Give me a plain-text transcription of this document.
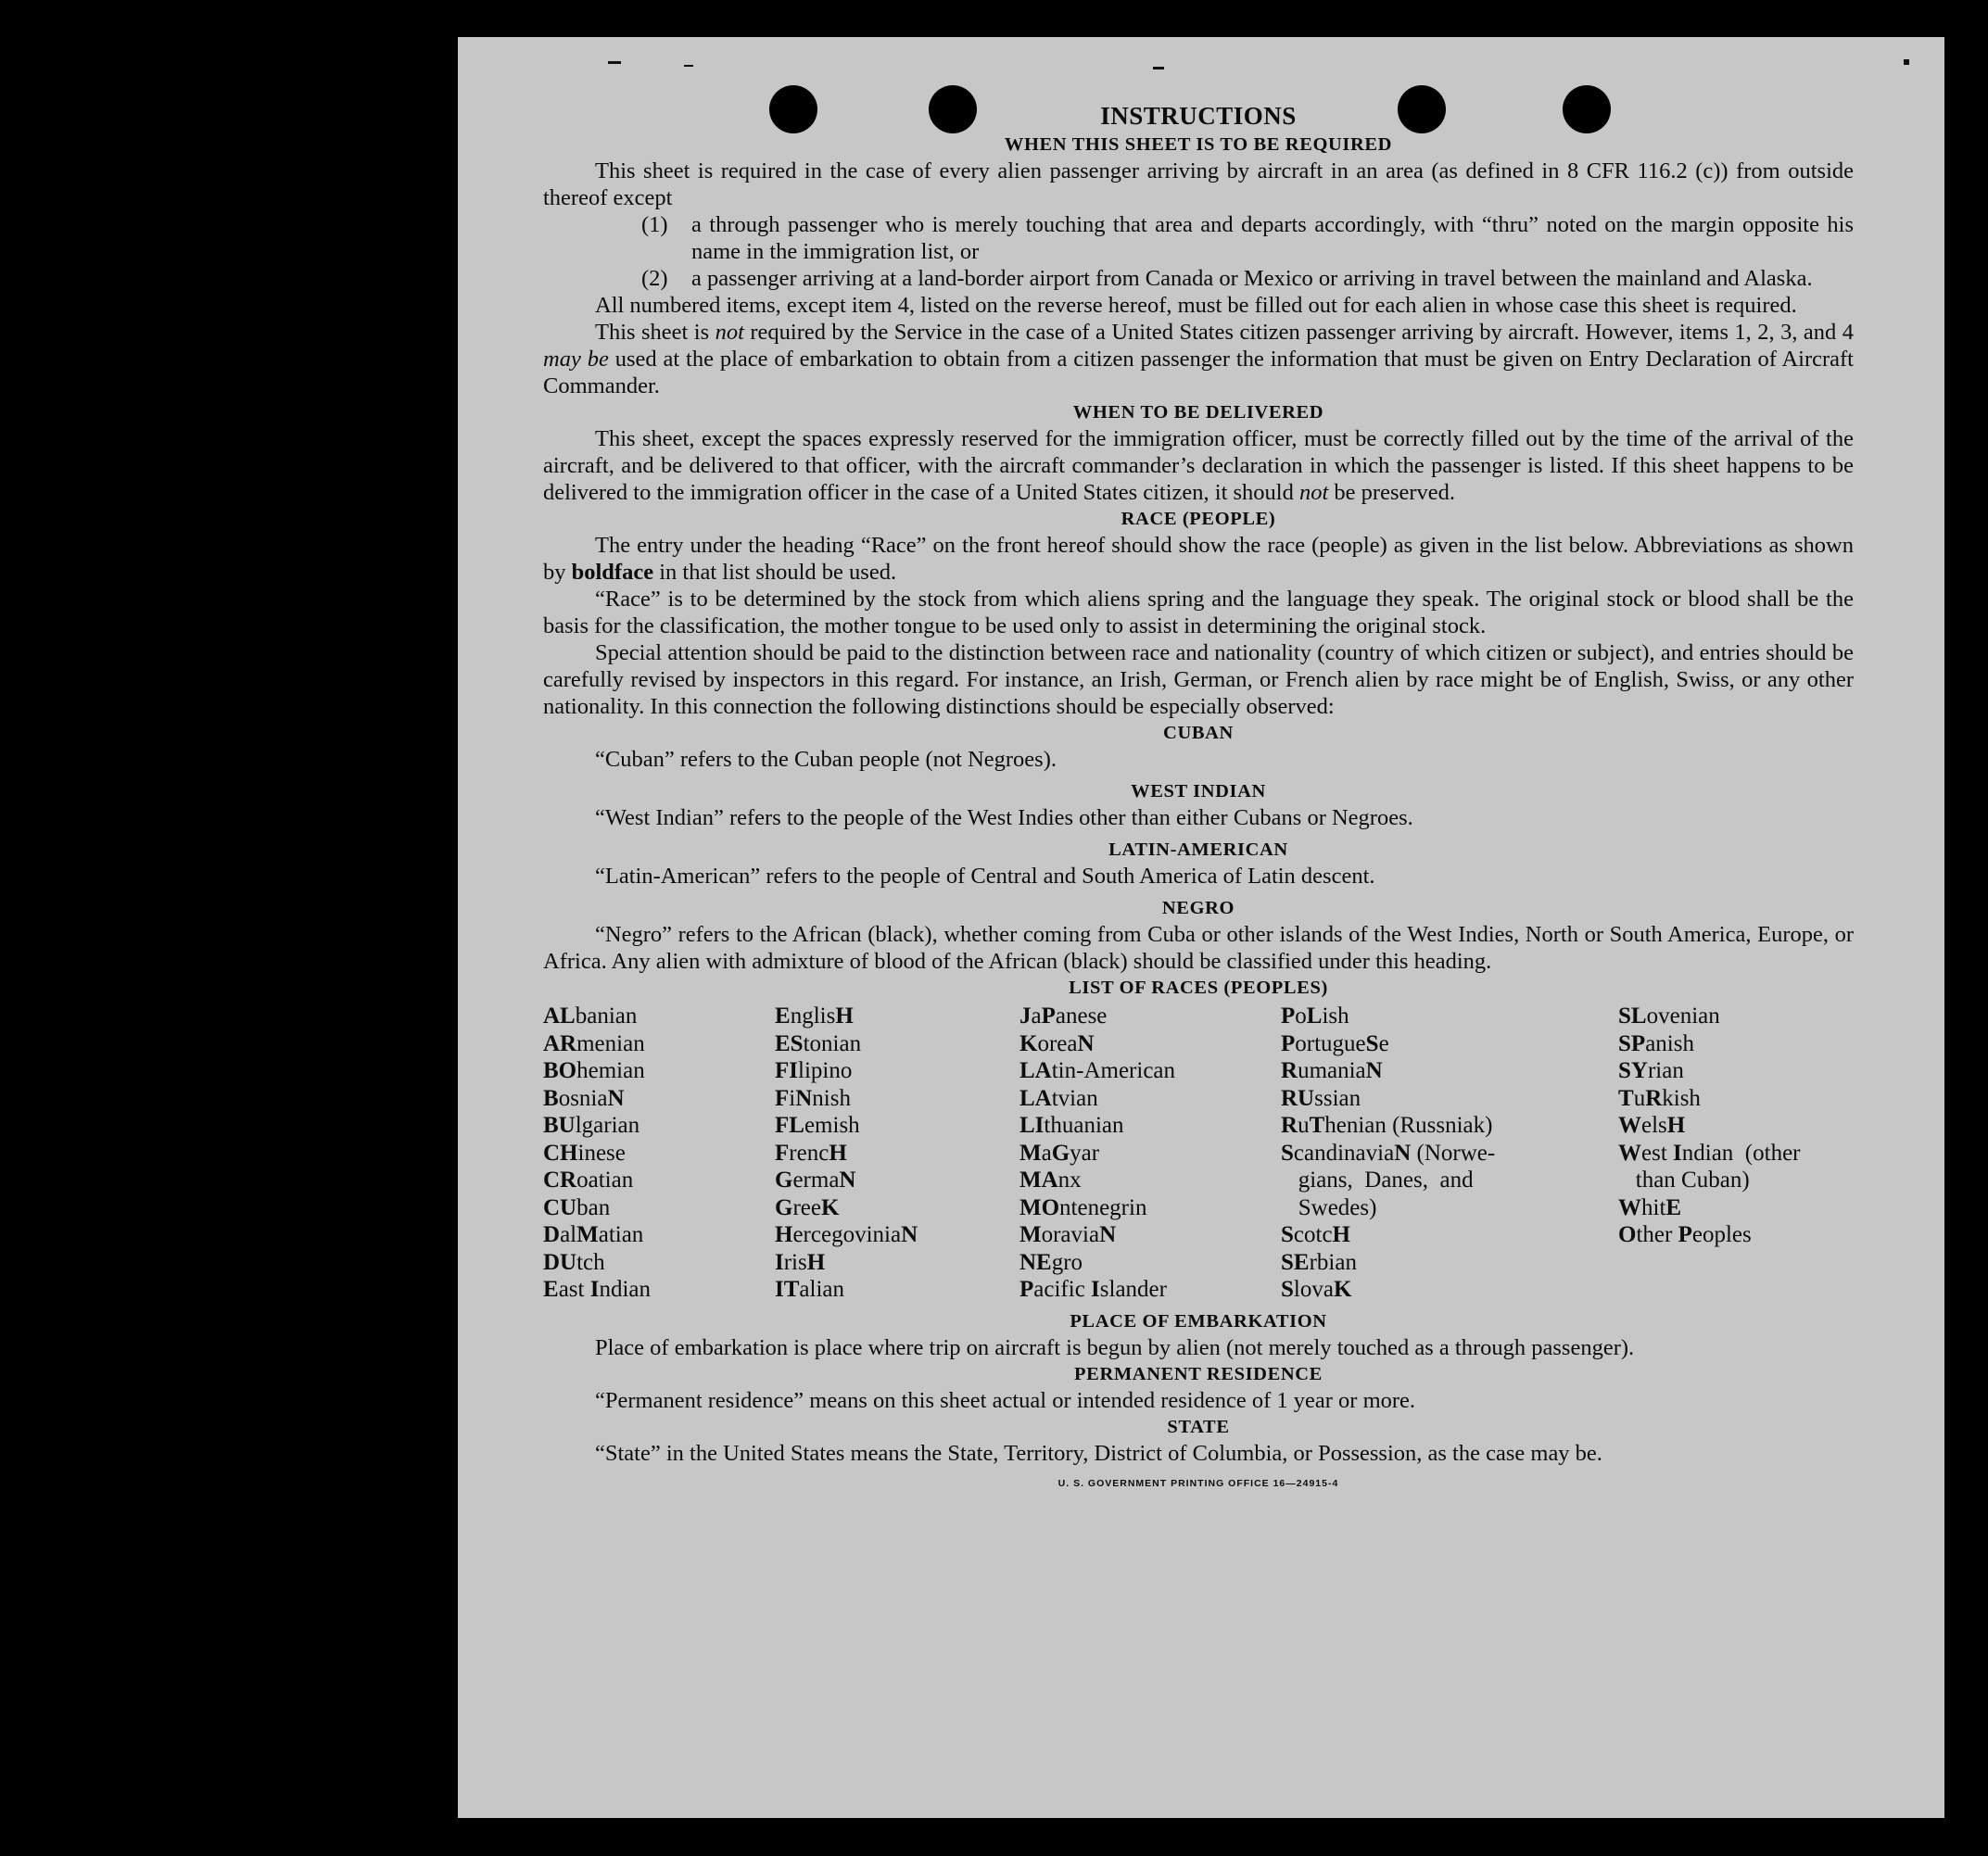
INSTRUCTIONS
WHEN THIS SHEET IS TO BE REQUIRED

This sheet is required in the case of every alien passenger arriving by aircraft in an area (as defined in 8 CFR 116.2 (c)) from outside thereof except

(1) a through passenger who is merely touching that area and departs accordingly, with “thru” noted on the margin opposite his name in the immigration list, or

(2) a passenger arriving at a land-border airport from Canada or Mexico or arriving in travel between the mainland and Alaska.

All numbered items, except item 4, listed on the reverse hereof, must be filled out for each alien in whose case this sheet is required.

This sheet is not required by the Service in the case of a United States citizen passenger arriving by aircraft. However, items 1, 2, 3, and 4 may be used at the place of embarkation to obtain from a citizen passenger the information that must be given on Entry Declaration of Aircraft Commander.

WHEN TO BE DELIVERED

This sheet, except the spaces expressly reserved for the immigration officer, must be correctly filled out by the time of the arrival of the aircraft, and be delivered to that officer, with the aircraft commander’s declaration in which the passenger is listed. If this sheet happens to be delivered to the immigration officer in the case of a United States citizen, it should not be preserved.

RACE (PEOPLE)

The entry under the heading “Race” on the front hereof should show the race (people) as given in the list below. Abbreviations as shown by boldface in that list should be used.

“Race” is to be determined by the stock from which aliens spring and the language they speak. The original stock or blood shall be the basis for the classification, the mother tongue to be used only to assist in determining the original stock.

Special attention should be paid to the distinction between race and nationality (country of which citizen or subject), and entries should be carefully revised by inspectors in this regard. For instance, an Irish, German, or French alien by race might be of English, Swiss, or any other nationality. In this connection the following distinctions should be especially observed:

CUBAN

“Cuban” refers to the Cuban people (not Negroes).

WEST INDIAN

“West Indian” refers to the people of the West Indies other than either Cubans or Negroes.

LATIN-AMERICAN

“Latin-American” refers to the people of Central and South America of Latin descent.

NEGRO

“Negro” refers to the African (black), whether coming from Cuba or other islands of the West Indies, North or South America, Europe, or Africa. Any alien with admixture of blood of the African (black) should be classified under this heading.

LIST OF RACES (PEOPLES)
ALbanian
ARmenian
BOhemian
BosniaN
BUlgarian
CHinese
CRoatian
CUban
DalMatian
DUtch
East Indian
EnglisH
EStonian
FIlipino
FiNnish
FLemish
FrencH
GermaN
GreeK
HercegoviniaN
IrisH
ITalian
JaPanese
KoreaN
LAtin-American
LAtvian
LIthuanian
MaGyar
MAnx
MOntenegrin
MoraviaN
NEgro
Pacific Islander
PoLish
PortugueSe
RumaniaN
RUssian
RuThenian (Russniak)
ScandinaviaN (Norwe-
gians,  Danes,  and
Swedes)
ScotcH
SErbian
SlovaK
SLovenian
SPanish
SYrian
TuRkish
WelsH
West Indian  (other
than Cuban)
WhitE
Other Peoples
PLACE OF EMBARKATION

Place of embarkation is place where trip on aircraft is begun by alien (not merely touched as a through passenger).

PERMANENT RESIDENCE

“Permanent residence” means on this sheet actual or intended residence of 1 year or more.

STATE

“State” in the United States means the State, Territory, District of Columbia, or Possession, as the case may be.

U. S. GOVERNMENT PRINTING OFFICE 16—24915-4
